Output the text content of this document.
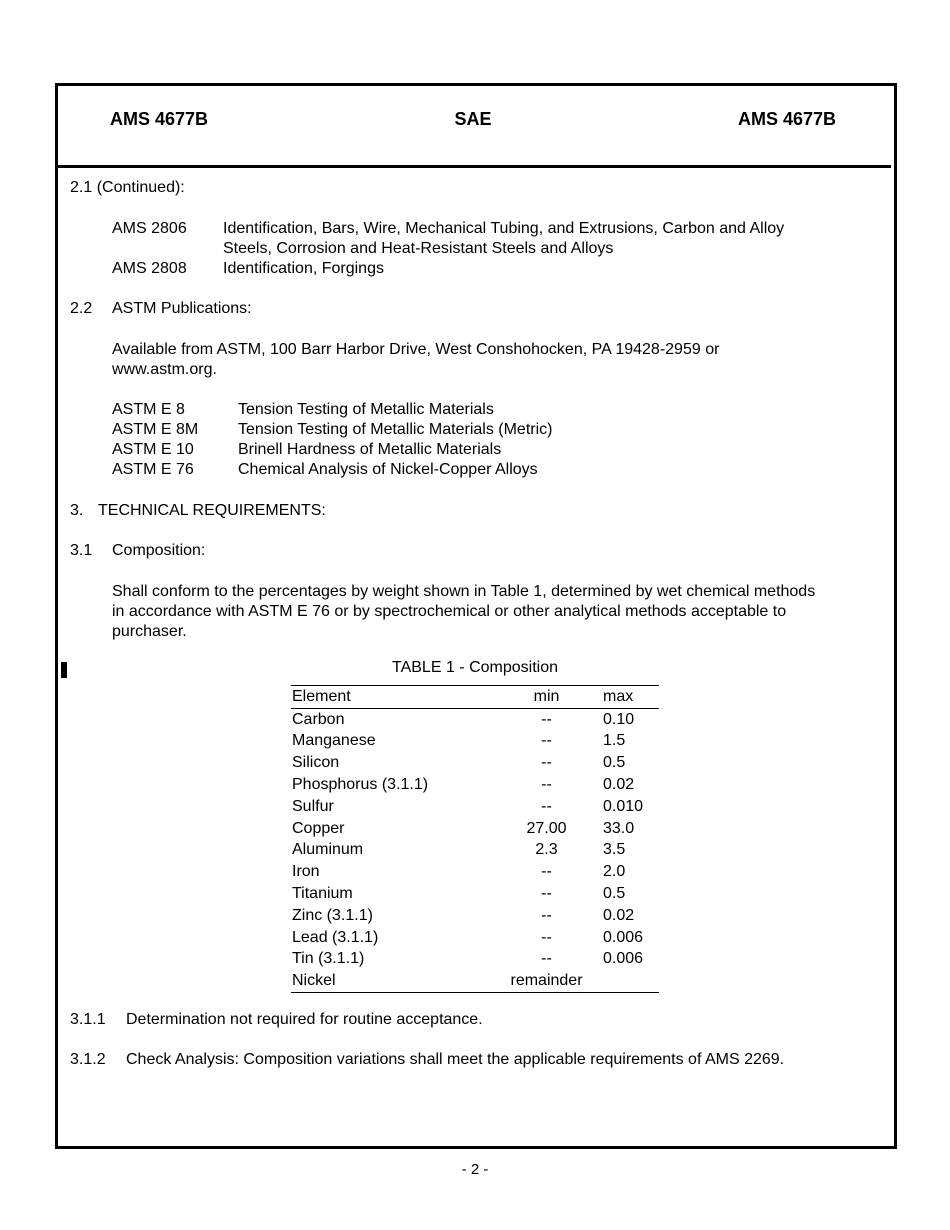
AMS 4677B	SAE	AMS 4677B
2.1 (Continued):
AMS 2806 Identification, Bars, Wire, Mechanical Tubing, and Extrusions, Carbon and Alloy
Steels, Corrosion and Heat-Resistant Steels and Alloys
AMS 2808 Identification, Forgings
2.2 ASTM Publications:
Available from ASTM, 100 Barr Harbor Drive, West Conshohocken, PA 19428-2959 or
www.astm.org.
ASTM E 8	Tension Testing of Metallic Materials
ASTM E 8M Tension Testing of Metallic Materials (Metric)
ASTM E 10	Brinell Hardness of Metallic Materials
ASTM E 76	Chemical Analysis of Nickel-Copper Alloys
3. TECHNICAL REQUIREMENTS:
3.1 Composition:
Shall conform to the percentages by weight shown in Table 1, determined by wet chemical methods
in accordance with ASTM E 76 or by spectrochemical or other analytical methods acceptable to
purchaser.
TABLE 1 - Composition
Element	min	max
Carbon	--	0.10
Manganese	--	1.5
Silicon	--	0.5
Phosphorus (3.1.1)	--	0.02
Sulfur	--	0.010
Copper	27.00	33.0
Aluminum	2.3	3.5
Iron	--	2.0
Titanium	--	0.5
Zinc (3.1.1)	--	0.02
Lead (3.1.1)	--	0.006
Tin (3.1.1)	--	0.006
Nickel	remainder	
3.1.1 Determination not required for routine acceptance.
3.1.2 Check Analysis: Composition variations shall meet the applicable requirements of AMS 2269.
- 2 -
